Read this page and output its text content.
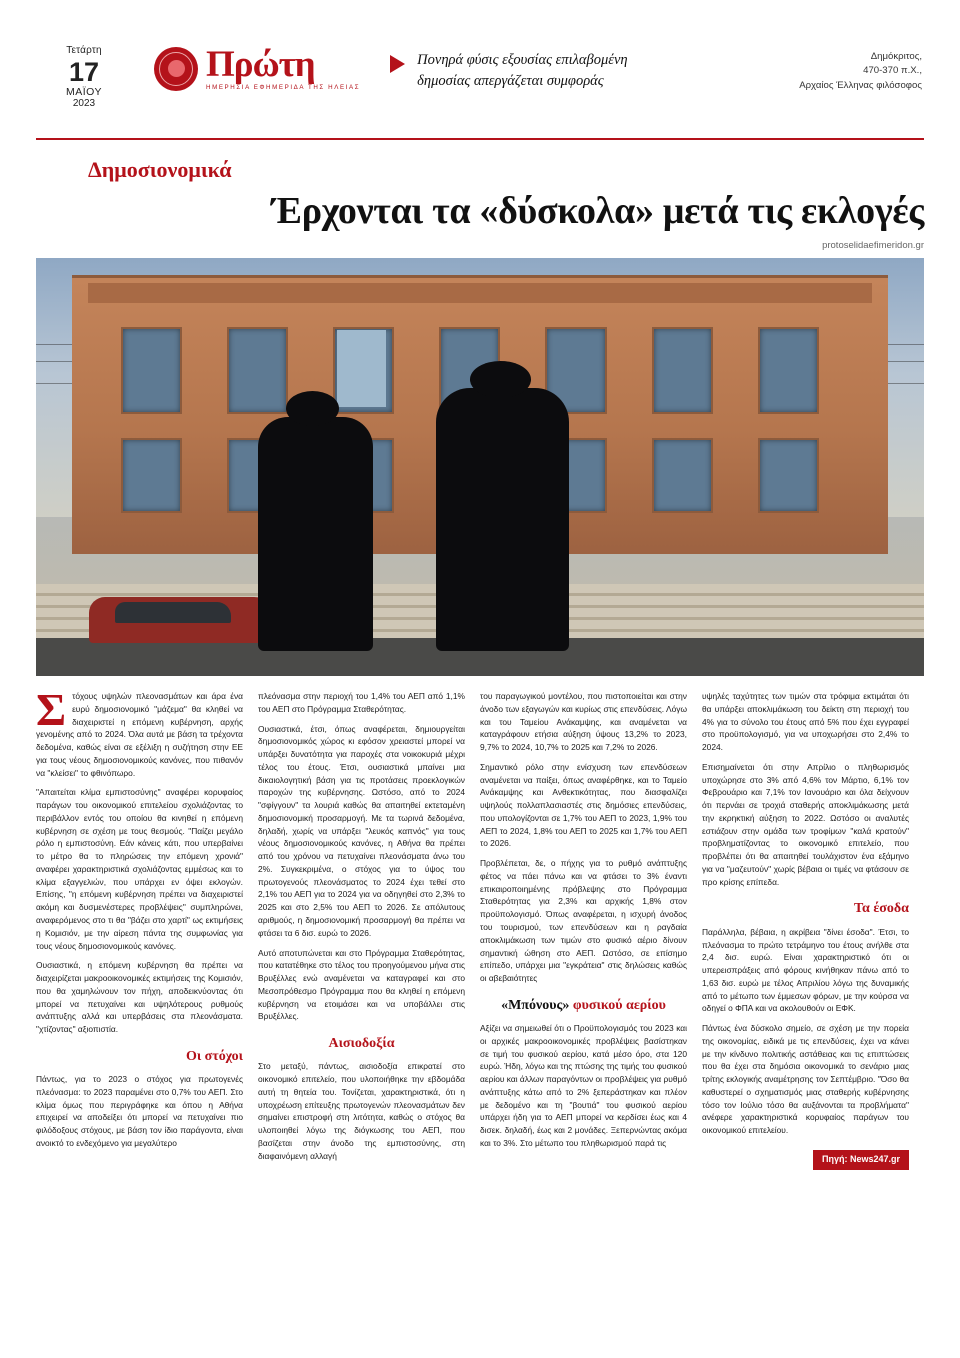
Τετάρτη
17
ΜΑΪΟΥ
2023
Πρώτη
ΗΜΕΡΗΣΙΑ ΕΦΗΜΕΡΙΔΑ ΤΗΣ ΗΛΕΙΑΣ
Πονηρά φύσις εξουσίας επιλαβομένη
δημοσίας απεργάζεται συμφοράς
Δημόκριτος,
470-370 π.Χ.,
Αρχαίος Έλληνας φιλόσοφος
Δημοσιονομικά
Έρχονται τα «δύσκολα» μετά τις εκλογές
protoselidaefimeridon.gr

Στόχους υψηλών πλεονασμάτων και άρα ένα ευρύ δημοσιονομικό "μάζεμα" θα κληθεί να διαχειριστεί η επόμενη κυβέρνηση, αρχής γενομένης από το 2024. Όλα αυτά με βάση τα τρέχοντα δεδομένα, καθώς είναι σε εξέλιξη η συζήτηση στην ΕΕ για τους νέους δημοσιονομικούς κανόνες, που πιθανόν να "κλείσει" το φθινόπωρο.

"Απαιτείται κλίμα εμπιστοσύνης" αναφέρει κορυφαίος παράγων του οικονομικού επιτελείου σχολιάζοντας το περιβάλλον εντός του οποίου θα κινηθεί η επόμενη κυβέρνηση σε σχέση με τους θεσμούς. "Παίζει μεγάλο ρόλο η εμπιστοσύνη. Εάν κάνεις κάτι, που υπερβαίνει το μέτρο θα το πληρώσεις την επόμενη χρονιά" αναφέρει χαρακτηριστικά σχολιάζοντας εμμέσως και το κλίμα εξαγγελιών, που υπάρχει εν όψει εκλογών. Επίσης, "η επόμενη κυβέρνηση πρέπει να διαχειριστεί ακόμη και δυσμενέστερες προβλέψεις" συμπληρώνει, αναφερόμενος στο τι θα "βάζει στο χαρτί" ως εκτιμήσεις η Κομισιόν, με την αίρεση πάντα της συμφωνίας για τους νέους δημοσιονομικούς κανόνες.

Ουσιαστικά, η επόμενη κυβέρνηση θα πρέπει να διαχειρίζεται μακροοικονομικές εκτιμήσεις της Κομισιόν, που θα χαμηλώνουν τον πήχη, αποδεικνύοντας ότι μπορεί να πετυχαίνει και υψηλότερους ρυθμούς ανάπτυξης αλλά και υπερβάσεις στα πλεονάσματα. "χτίζοντας" αξιοπιστία.

Οι στόχοι

Πάντως, για το 2023 ο στόχος για πρωτογενές πλεόνασμα: το 2023 παραμένει στο 0,7% του ΑΕΠ. Στο κλίμα όμως που περιγράφηκε και όπου η Αθήνα επιχειρεί να αποδείξει ότι μπορεί να πετυχαίνει πιο φιλόδοξους στόχους, με βάση τον ίδιο παράγοντα, είναι ανοικτό το ενδεχόμενο για μεγαλύτερο

πλεόνασμα στην περιοχή του 1,4% του ΑΕΠ από 1,1% του ΑΕΠ στο Πρόγραμμα Σταθερότητας.

Ουσιαστικά, έτσι, όπως αναφέρεται, δημιουργείται δημοσιονομικός χώρος κι εφόσον χρειαστεί μπορεί να υπάρξει δυνατότητα για παροχές στα νοικοκυριά μέχρι τέλος του έτους. Έτσι, ουσιαστικά μπαίνει μια δικαιολογητική βάση για τις προτάσεις προεκλογικών παροχών της κυβέρνησης. Ωστόσο, από το 2024 "σφίγγουν" τα λουριά καθώς θα απαιτηθεί εκτεταμένη δημοσιονομική προσαρμογή. Με τα τωρινά δεδομένα, δηλαδή, χωρίς να υπάρξει "λευκός καπνός" για τους νέους δημοσιονομικούς κανόνες, η Αθήνα θα πρέπει από του χρόνου να πετυχαίνει πλεονάσματα άνω του 2%. Συγκεκριμένα, ο στόχος για το ύψος του πρωτογενούς πλεονάσματος το 2024 έχει τεθεί στο 2,1% του ΑΕΠ για το 2024 για να οδηγηθεί στο 2,3% το 2025 και στο 2,5% του ΑΕΠ το 2026. Σε απόλυτους αριθμούς, η δημοσιονομική προσαρμογή θα πρέπει να φτάσει τα 6 δισ. ευρώ το 2026.

Αυτό αποτυπώνεται και στο Πρόγραμμα Σταθερότητας, που κατατέθηκε στο τέλος του προηγούμενου μήνα στις Βρυξέλλες ενώ αναμένεται να καταγραφεί και στο Μεσοπρόθεσμο Πρόγραμμα που θα κληθεί η επόμενη κυβέρνηση να ετοιμάσει και να υποβάλλει στις Βρυξέλλες.

Αισιοδοξία

Στο μεταξύ, πάντως, αισιοδοξία επικρατεί στο οικονομικό επιτελείο, που υλοποιήθηκε την εβδομάδα αυτή τη θητεία του. Τονίζεται, χαρακτηριστικά, ότι η υποχρέωση επίτευξης πρωτογενών πλεονασμάτων δεν σημαίνει επιστροφή στη λιτότητα, καθώς ο στόχος θα υλοποιηθεί λόγω της διόγκωσης του ΑΕΠ, που βασίζεται στην άνοδο της εμπιστοσύνης, στη διαφαινόμενη αλλαγή

του παραγωγικού μοντέλου, που πιστοποιείται και στην άνοδο των εξαγωγών και κυρίως στις επενδύσεις. Λόγω και του Ταμείου Ανάκαμψης, και αναμένεται να καταγράφουν ετήσια αύξηση ύψους 13,2% το 2023, 9,7% το 2024, 10,7% το 2025 και 7,2% το 2026.

Σημαντικό ρόλο στην ενίσχυση των επενδύσεων αναμένεται να παίξει, όπως αναφέρθηκε, και το Ταμείο Ανάκαμψης και Ανθεκτικότητας, που διασφαλίζει υψηλούς πολλαπλασιαστές στις δημόσιες επενδύσεις, που υπολογίζονται σε 1,7% του ΑΕΠ το 2023, 1,9% του ΑΕΠ το 2024, 1,8% του ΑΕΠ το 2025 και 1,7% του ΑΕΠ το 2026.

Προβλέπεται, δε, ο πήχης για το ρυθμό ανάπτυξης φέτος να πάει πάνω και να φτάσει το 3% έναντι επικαιροποιημένης πρόβλεψης στο Πρόγραμμα Σταθερότητας για 2,3% και αρχικής 1,8% στον προϋπολογισμό. Όπως αναφέρεται, η ισχυρή άνοδος του τουρισμού, των επενδύσεων και η ραγδαία αποκλιμάκωση των τιμών στο φυσικό αέριο δίνουν σημαντική ώθηση στο ΑΕΠ. Ωστόσο, σε επίσημο επίπεδο, υπάρχει μια "εγκράτεια" στις δηλώσεις καθώς οι αβεβαιότητες

«Μπόνους» φυσικού αερίου

Αξίζει να σημειωθεί ότι ο Προϋπολογισμός του 2023 και οι αρχικές μακροοικονομικές προβλέψεις βασίστηκαν σε τιμή του φυσικού αερίου, κατά μέσο όρο, στα 120 ευρώ. Ήδη, λόγω και της πτώσης της τιμής του φυσικού αερίου και άλλων παραγόντων οι προβλέψεις για ρυθμό ανάπτυξης κάτω από το 2% ξεπεράστηκαν και πλέον με δεδομένο και τη "βουτιά" του φυσικού αερίου υπάρχει ήδη για το ΑΕΠ μπορεί να κερδίσει έως και 4 δισεκ. δηλαδή, έως και 2 μονάδες. Ξεπερνώντας ακόμα και το 3%. Στο μέτωπο του πληθωρισμού παρά τις

υψηλές ταχύτητες των τιμών στα τρόφιμα εκτιμάται ότι θα υπάρξει αποκλιμάκωση του δείκτη στη περιοχή του 4% για το σύνολο του έτους από 5% που έχει εγγραφεί στο προϋπολογισμό, για να υποχωρήσει στο 2,4% το 2024.

Επισημαίνεται ότι στην Απρίλιο ο πληθωρισμός υποχώρησε στο 3% από 4,6% τον Μάρτιο, 6,1% τον Φεβρουάριο και 7,1% τον Ιανουάριο και όλα δείχνουν ότι περνάει σε τροχιά σταθερής αποκλιμάκωσης μετά την εκρηκτική αύξηση το 2022. Ωστόσο οι αναλυτές εστιάζουν στην ομάδα των τροφίμων "καλά κρατούν" προβληματίζοντας το οικονομικό επιτελείο, που προβλέπει ότι θα απαιτηθεί τουλάχιστον ένα εξάμηνο για να "μαζευτούν" χωρίς βέβαια οι τιμές να φτάσουν σε προ κρίσης επίπεδα.

Τα έσοδα

Παράλληλα, βέβαια, η ακρίβεια "δίνει έσοδα". Έτσι, το πλεόνασμα το πρώτο τετράμηνο του έτους ανήλθε στα 2,4 δισ. ευρώ. Είναι χαρακτηριστικό ότι οι υπερεισπράξεις από φόρους κινήθηκαν πάνω από το 1,63 δισ. ευρώ με τέλος Απριλίου λόγω της δυναμικής από το μέτωπο των έμμεσων φόρων, με την κούρσα να οδηγεί ο ΦΠΑ και να ακολουθούν οι ΕΦΚ.

Πάντως ένα δύσκολο σημείο, σε σχέση με την πορεία της οικονομίας, ειδικά με τις επενδύσεις, έχει να κάνει με την κίνδυνο πολιτικής αστάθειας και τις επιπτώσεις που θα έχει στα δημόσια οικονομικά το σενάριο μιας τρίτης εκλογικής αναμέτρησης τον Σεπτέμβριο. "Όσο θα καθυστερεί ο σχηματισμός μιας σταθερής κυβέρνησης τόσο τον Ιούλιο τόσο θα αυξάνονται τα προβλήματα" ανέφερε χαρακτηριστικά κορυφαίος παράγων του οικονομικού επιτελείου.

Πηγή: News247.gr
